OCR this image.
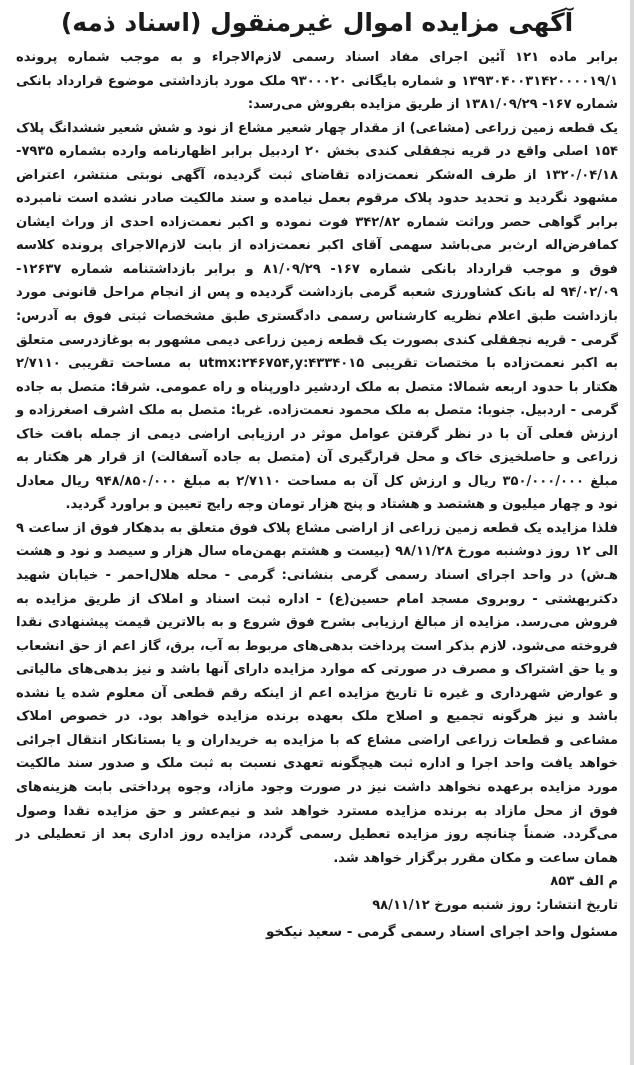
آگهی مزایده اموال غیرمنقول (اسناد ذمه)

برابر ماده ۱۲۱ آئین اجرای مفاد اسناد رسمی لازم‌الاجراء و به موجب شماره پرونده ۱۳۹۳۰۴۰۰۳۱۴۲۰۰۰۰۱۹/۱ و شماره بایگانی ۹۳۰۰۰۲۰ ملک مورد بازداشتی موضوع قرارداد بانکی شماره ۱۶۷- ۱۳۸۱/۰۹/۲۹ از طریق مزایده بفروش می‌رسد:

یک قطعه زمین زراعی (مشاعی) از مقدار چهار شعیر مشاع از نود و شش شعیر ششدانگ پلاک ۱۵۴ اصلی واقع در قریه نجفقلی کندی بخش ۲۰ اردبیل برابر اظهارنامه وارده بشماره ۷۹۳۵- ۱۳۲۰/۰۴/۱۸ از طرف اله‌شکر نعمت‌زاده تقاضای ثبت گردیده، آگهی نوبتی منتشر، اعتراض مشهود نگردید و تحدید حدود پلاک مرقوم بعمل نیامده و سند مالکیت صادر نشده است نامبرده برابر گواهی حصر وراثت شماره ۳۴۲/۸۲ فوت نموده و اکبر نعمت‌زاده احدی از وراث ایشان کمافرض‌اله ارث‌بر می‌باشد سهمی آقای اکبر نعمت‌زاده از بابت لازم‌الاجرای پرونده کلاسه فوق و موجب قرارداد بانکی شماره ۱۶۷- ۸۱/۰۹/۲۹ و برابر بازداشتنامه شماره ۱۲۶۳۷- ۹۴/۰۲/۰۹ له بانک کشاورزی شعبه گرمی بازداشت گردیده و پس از انجام مراحل قانونی مورد بازداشت طبق اعلام نظریه کارشناس رسمی دادگستری طبق مشخصات ثبتی فوق به آدرس: گرمی - قریه نجفقلی کندی بصورت یک قطعه زمین زراعی دیمی مشهور به بوغازدرسی متعلق به اکبر نعمت‌زاده با مختصات تقریبی utmx:۲۴۶۷۵۴,y:۴۳۳۴۰۱۵ به مساحت تقریبی ۲/۷۱۱۰ هکتار با حدود اربعه شمالا: متصل به ملک اردشیر داورپناه و راه عمومی. شرقا: متصل به جاده گرمی - اردبیل. جنوبا: متصل به ملک محمود نعمت‌زاده. غربا: متصل به ملک اشرف اصغرزاده و ارزش فعلی آن با در نظر گرفتن عوامل موثر در ارزیابی اراضی دیمی از جمله بافت خاک زراعی و حاصلخیزی خاک و محل قرارگیری آن (متصل به جاده آسفالت) از قرار هر هکتار به مبلغ ۳۵۰/۰۰۰/۰۰۰ ریال و ارزش کل آن به مساحت ۲/۷۱۱۰ به مبلغ ۹۴۸/۸۵۰/۰۰۰ ریال معادل نود و چهار میلیون و هشتصد و هشتاد و پنج هزار تومان وجه رایج تعیین و براورد گردید.

فلذا مزایده یک قطعه زمین زراعی از اراضی مشاع پلاک فوق متعلق به بدهکار فوق از ساعت ۹ الی ۱۲ روز دوشنبه مورخ ۹۸/۱۱/۲۸ (بیست و هشتم بهمن‌ماه سال هزار و سیصد و نود و هشت هـ‌ش) در واحد اجرای اسناد رسمی گرمی بنشانی: گرمی - محله هلال‌احمر - خیابان شهید دکتربهشتی - روبروی مسجد امام حسین(ع) - اداره ثبت اسناد و املاک از طریق مزایده به فروش می‌رسد. مزایده از مبالغ ارزیابی بشرح فوق شروع و به بالاترین قیمت پیشنهادی نقدا فروخته می‌شود. لازم بذکر است پرداخت بدهی‌های مربوط به آب، برق، گاز اعم از حق انشعاب و یا حق اشتراک و مصرف در صورتی که موارد مزایده دارای آنها باشد و نیز بدهی‌های مالیاتی و عوارض شهرداری و غیره تا تاریخ مزایده اعم از اینکه رقم قطعی آن معلوم شده یا نشده باشد و نیز هرگونه تجمیع و اصلاح ملک بعهده برنده مزایده خواهد بود. در خصوص املاک مشاعی و قطعات زراعی اراضی مشاع که با مزایده به خریداران و یا بستانکار انتقال اجرائی خواهد یافت واحد اجرا و اداره ثبت هیچگونه تعهدی نسبت به ثبت ملک و صدور سند مالکیت مورد مزایده برعهده نخواهد داشت نیز در صورت وجود مازاد، وجوه پرداختی بابت هزینه‌های فوق از محل مازاد به برنده مزایده مسترد خواهد شد و نیم‌عشر و حق مزایده نقدا وصول می‌گردد. ضمناً چنانچه روز مزایده تعطیل رسمی گردد، مزایده روز اداری بعد از تعطیلی در همان ساعت و مکان مقرر برگزار خواهد شد.

م الف ۸۵۳

تاریخ انتشار: روز شنبه مورخ ۹۸/۱۱/۱۲

مسئول واحد اجرای اسناد رسمی گرمی - سعید نیکخو
